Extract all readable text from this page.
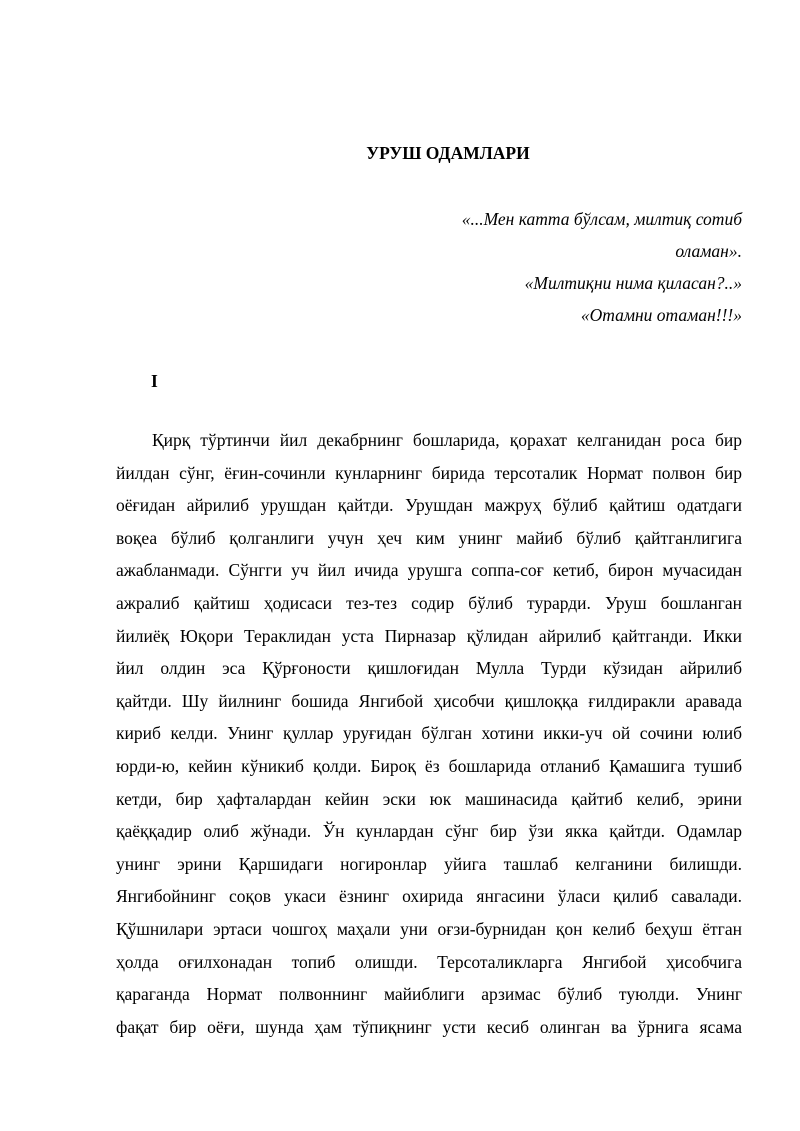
УРУШ ОДАМЛАРИ
«...Мен катта бўлсам, милтиқ сотиб
оламан».
«Милтиқни нима қиласан?..»
«Отамни отаман!!!»
I
Қирқ тўртинчи йил декабрнинг бошларида, қорахат келганидан роса бир
йилдан сўнг, ёғин-сочинли кунларнинг бирида терсоталик Нормат полвон бир
оёғидан айрилиб урушдан қайтди. Урушдан мажруҳ бўлиб қайтиш одатдаги
воқеа бўлиб қолганлиги учун ҳеч ким унинг майиб бўлиб қайтганлигига
ажабланмади. Сўнгги уч йил ичида урушга соппа-соғ кетиб, бирон мучасидан
ажралиб қайтиш ҳодисаси тез-тез содир бўлиб турарди. Уруш бошланган
йилиёқ Юқори Тераклидан уста Пирназар қўлидан айрилиб қайтганди. Икки
йил олдин эса Қўрғоности қишлоғидан Мулла Турди кўзидан айрилиб
қайтди. Шу йилнинг бошида Янгибой ҳисобчи қишлоққа ғилдиракли аравада
кириб келди. Унинг қуллар уруғидан бўлган хотини икки-уч ой сочини юлиб
юрди-ю, кейин кўникиб қолди. Бироқ ёз бошларида отланиб Қамашига тушиб
кетди, бир ҳафталардан кейин эски юк машинасида қайтиб келиб, эрини
қаёққадир олиб жўнади. Ўн кунлардан сўнг бир ўзи якка қайтди. Одамлар
унинг эрини Қаршидаги ногиронлар уйига ташлаб келганини билишди.
Янгибойнинг соқов укаси ёзнинг охирида янгасини ўласи қилиб савалади.
Қўшнилари эртаси чошгоҳ маҳали уни оғзи-бурнидан қон келиб беҳуш ётган
ҳолда оғилхонадан топиб олишди. Терсоталикларга Янгибой ҳисобчига
қараганда Нормат полвоннинг майиблиги арзимас бўлиб туюлди. Унинг
фақат бир оёғи, шунда ҳам тўпиқнинг усти кесиб олинган ва ўрнига ясама
